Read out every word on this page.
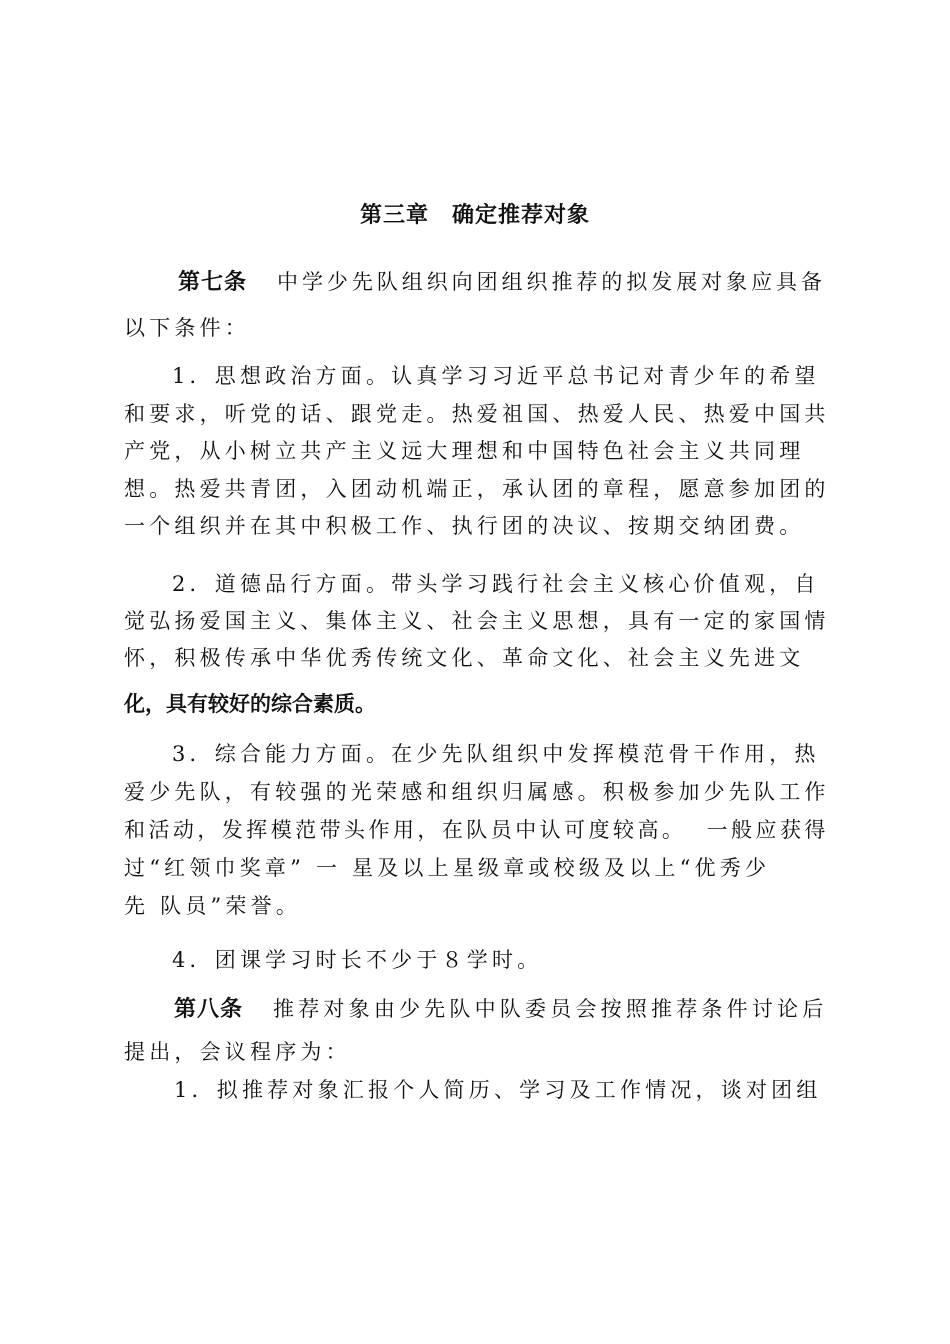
第三章　确定推荐对象
第七条 中学少先队组织向团组织推荐的拟发展对象应具备
以下条件：
1．思想政治方面。认真学习习近平总书记对青少年的希望
和要求，听党的话、跟党走。热爱祖国、热爱人民、热爱中国共
产党，从小树立共产主义远大理想和中国特色社会主义共同理
想。热爱共青团，入团动机端正，承认团的章程，愿意参加团的
一个组织并在其中积极工作、执行团的决议、按期交纳团费。
2．道德品行方面。带头学习践行社会主义核心价值观，自
觉弘扬爱国主义、集体主义、社会主义思想，具有一定的家国情
怀，积极传承中华优秀传统文化、革命文化、社会主义先进文
化，具有较好的综合素质。
3．综合能力方面。在少先队组织中发挥模范骨干作用，热
爱少先队，有较强的光荣感和组织归属感。积极参加少先队工作
和活动，发挥模范带头作用，在队员中认可度较高。  一般应获得
过“红领巾奖章” 一 星及以上星级章或校级及以上“优秀少
先 队员”荣誉。
4．团课学习时长不少于８学时。
第八条 推荐对象由少先队中队委员会按照推荐条件讨论后
提出，会议程序为：
1．拟推荐对象汇报个人简历、学习及工作情况，谈对团组
